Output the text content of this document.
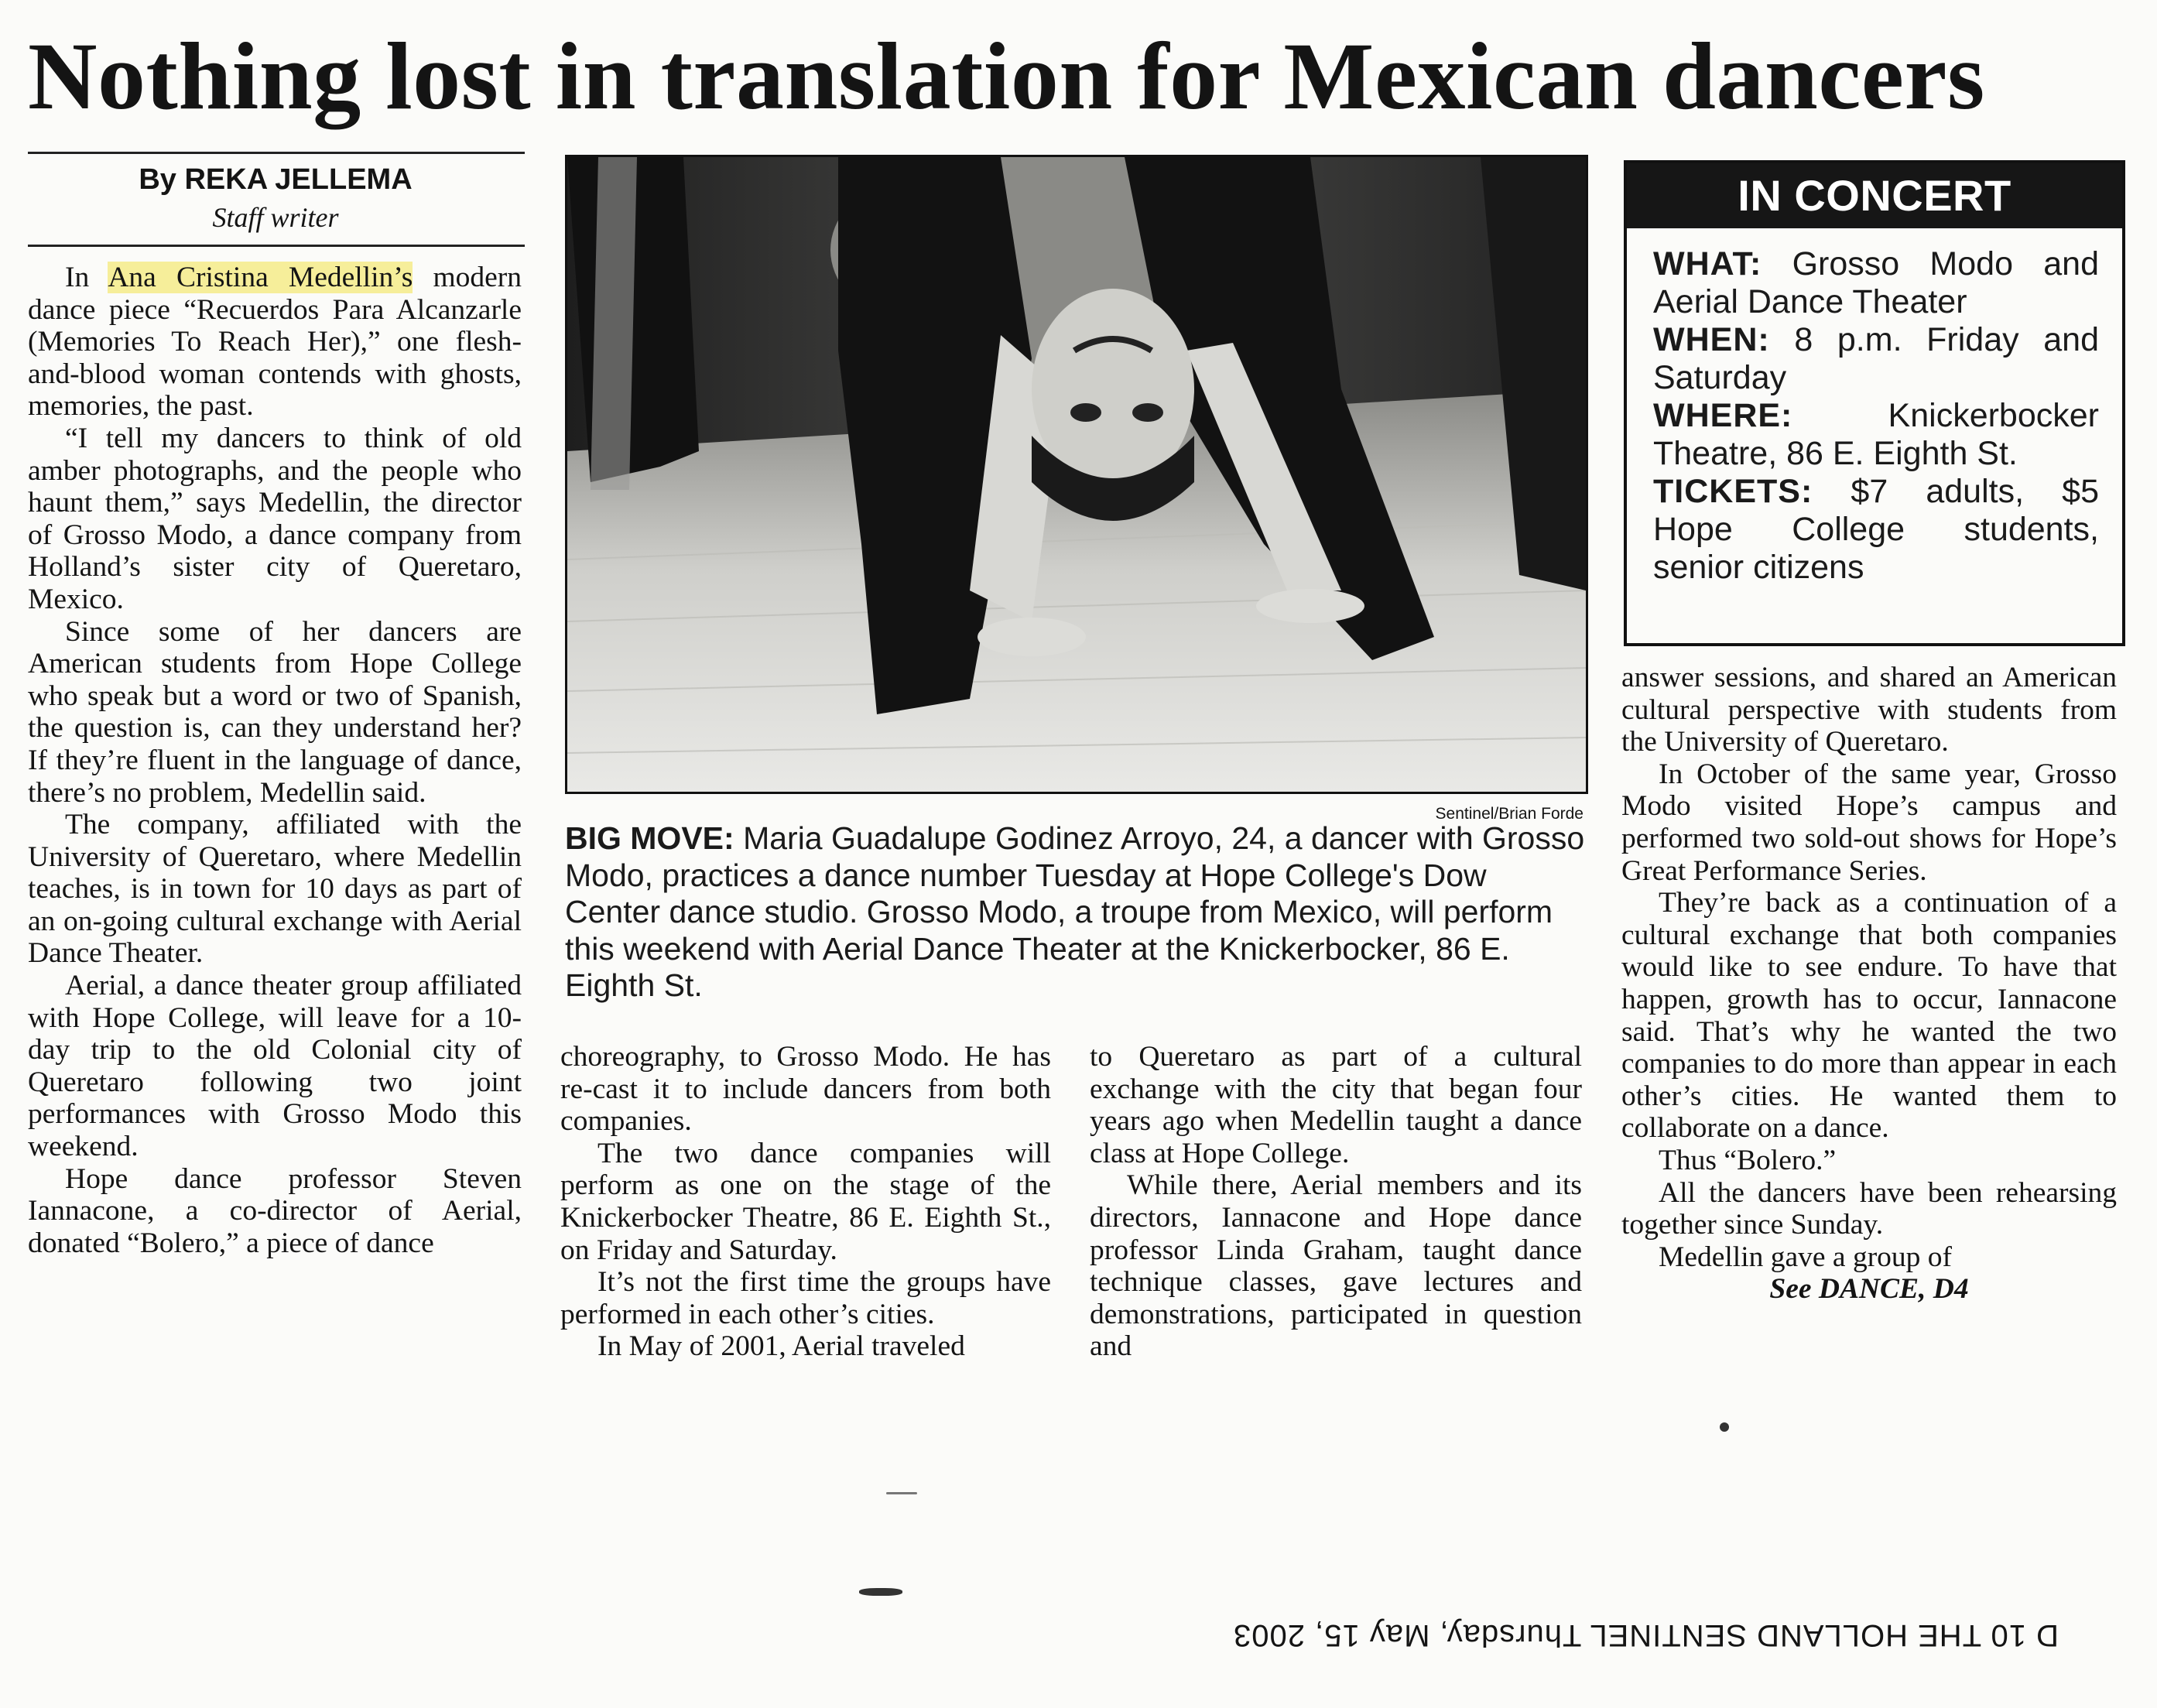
Nothing lost in translation for Mexican dancers
By REKA JELLEMA
Staff writer

In Ana Cristina Medellin’s modern dance piece “Recuerdos Para Alcanzarle (Memories To Reach Her),” one flesh-and-blood woman contends with ghosts, memories, the past.

“I tell my dancers to think of old amber photographs, and the people who haunt them,” says Medellin, the director of Grosso Modo, a dance company from Holland’s sister city of Queretaro, Mexico.

Since some of her dancers are American students from Hope College who speak but a word or two of Spanish, the question is, can they understand her? If they’re fluent in the language of dance, there’s no problem, Medellin said.

The company, affiliated with the University of Queretaro, where Medellin teaches, is in town for 10 days as part of an on-going cultural exchange with Aerial Dance Theater.

Aerial, a dance theater group affiliated with Hope College, will leave for a 10-day trip to the old Colonial city of Queretaro following two joint performances with Grosso Modo this weekend.

Hope dance professor Steven Iannacone, a co-director of Aerial, donated “Bolero,” a piece of dance

Sentinel/Brian Forde
BIG MOVE: Maria Guadalupe Godinez Arroyo, 24, a dancer with Grosso Modo, practices a dance number Tuesday at Hope College's Dow Center dance studio. Grosso Modo, a troupe from Mexico, will perform this weekend with Aerial Dance Theater at the Knickerbocker, 86 E. Eighth St.

choreography, to Grosso Modo. He has re-cast it to include dancers from both companies.

The two dance companies will perform as one on the stage of the Knickerbocker Theatre, 86 E. Eighth St., on Friday and Saturday.

It’s not the first time the groups have performed in each other’s cities.

In May of 2001, Aerial traveled

to Queretaro as part of a cultural exchange with the city that began four years ago when Medellin taught a dance class at Hope College.

While there, Aerial members and its directors, Iannacone and Hope dance professor Linda Graham, taught dance technique classes, gave lectures and demonstrations, participated in question and

IN CONCERT

WHAT: Grosso Modo and Aerial Dance Theater

WHEN: 8 p.m. Friday and Saturday

WHERE: Knickerbocker Theatre, 86 E. Eighth St.

TICKETS: $7 adults, $5 Hope College students, senior citizens

answer sessions, and shared an American cultural perspective with students from the University of Queretaro.

In October of the same year, Grosso Modo visited Hope’s campus and performed two sold-out shows for Hope’s Great Performance Series.

They’re back as a continuation of a cultural exchange that both companies would like to see endure. To have that happen, growth has to occur, Iannacone said. That’s why he wanted the two companies to do more than appear in each other’s cities. He wanted them to collaborate on a dance.

Thus “Bolero.”

All the dancers have been rehearsing together since Sunday.

Medellin gave a group of

See DANCE, D4

D 10 THE HOLLAND SENTINEL Thursday, May 15, 2003
